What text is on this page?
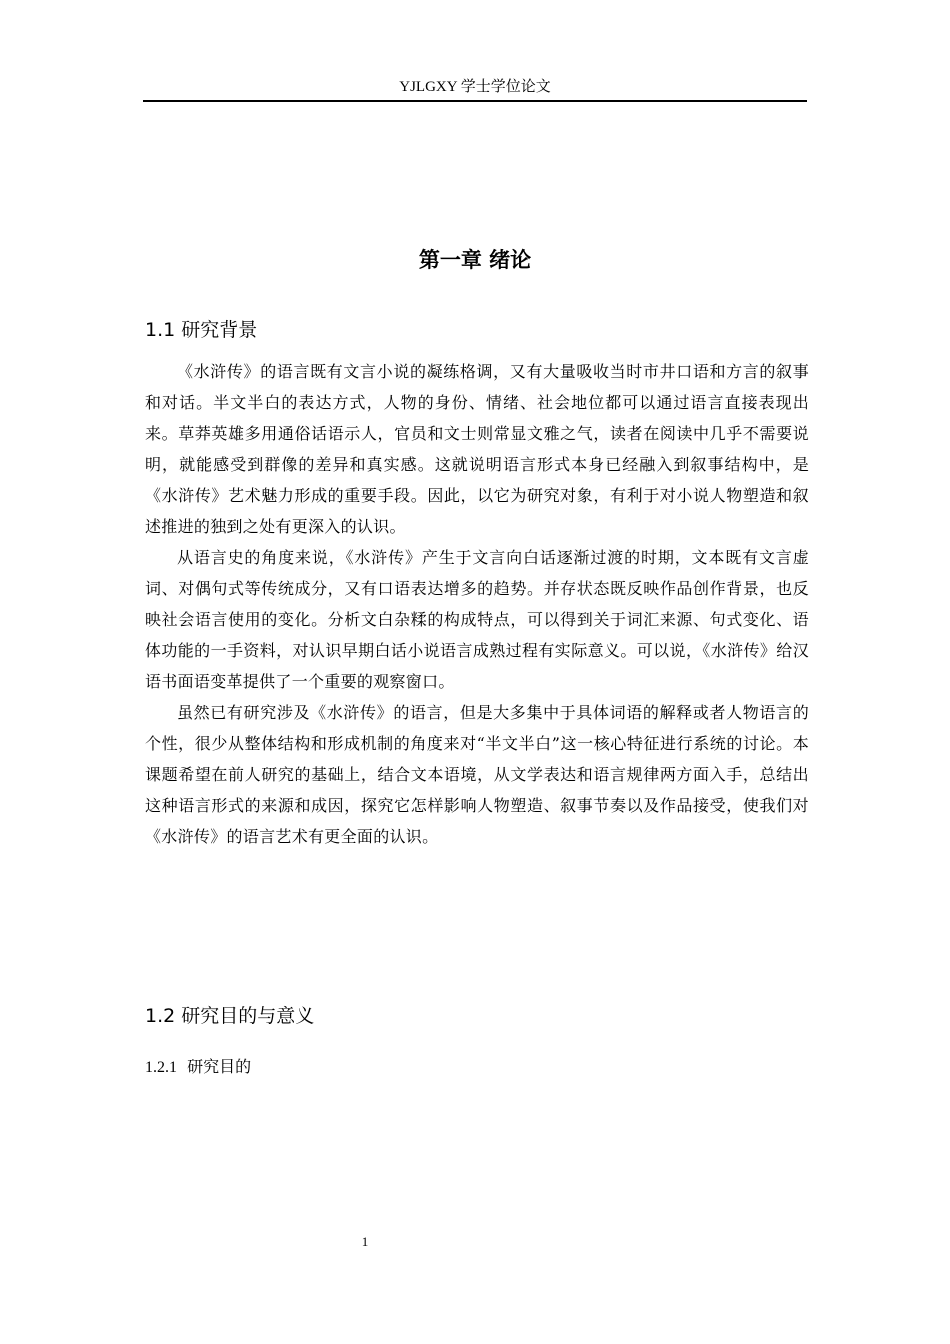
YJLGXY 学士学位论文
第一章 绪论
1.1 研究背景

《水浒传》的语言既有文言小说的凝练格调，又有大量吸收当时市井口语和方言的叙事和对话。半文半白的表达方式，人物的身份、情绪、社会地位都可以通过语言直接表现出来。草莽英雄多用通俗话语示人，官员和文士则常显文雅之气，读者在阅读中几乎不需要说明，就能感受到群像的差异和真实感。这就说明语言形式本身已经融入到叙事结构中，是《水浒传》艺术魅力形成的重要手段。因此，以它为研究对象，有利于对小说人物塑造和叙述推进的独到之处有更深入的认识。

从语言史的角度来说，《水浒传》产生于文言向白话逐渐过渡的时期，文本既有文言虚词、对偶句式等传统成分，又有口语表达增多的趋势。并存状态既反映作品创作背景，也反映社会语言使用的变化。分析文白杂糅的构成特点，可以得到关于词汇来源、句式变化、语体功能的一手资料，对认识早期白话小说语言成熟过程有实际意义。可以说，《水浒传》给汉语书面语变革提供了一个重要的观察窗口。

虽然已有研究涉及《水浒传》的语言，但是大多集中于具体词语的解释或者人物语言的个性，很少从整体结构和形成机制的角度来对“半文半白”这一核心特征进行系统的讨论。本课题希望在前人研究的基础上，结合文本语境，从文学表达和语言规律两方面入手，总结出这种语言形式的来源和成因，探究它怎样影响人物塑造、叙事节奏以及作品接受，使我们对《水浒传》的语言艺术有更全面的认识。

1.2 研究目的与意义
1.2.1 研究目的
1
